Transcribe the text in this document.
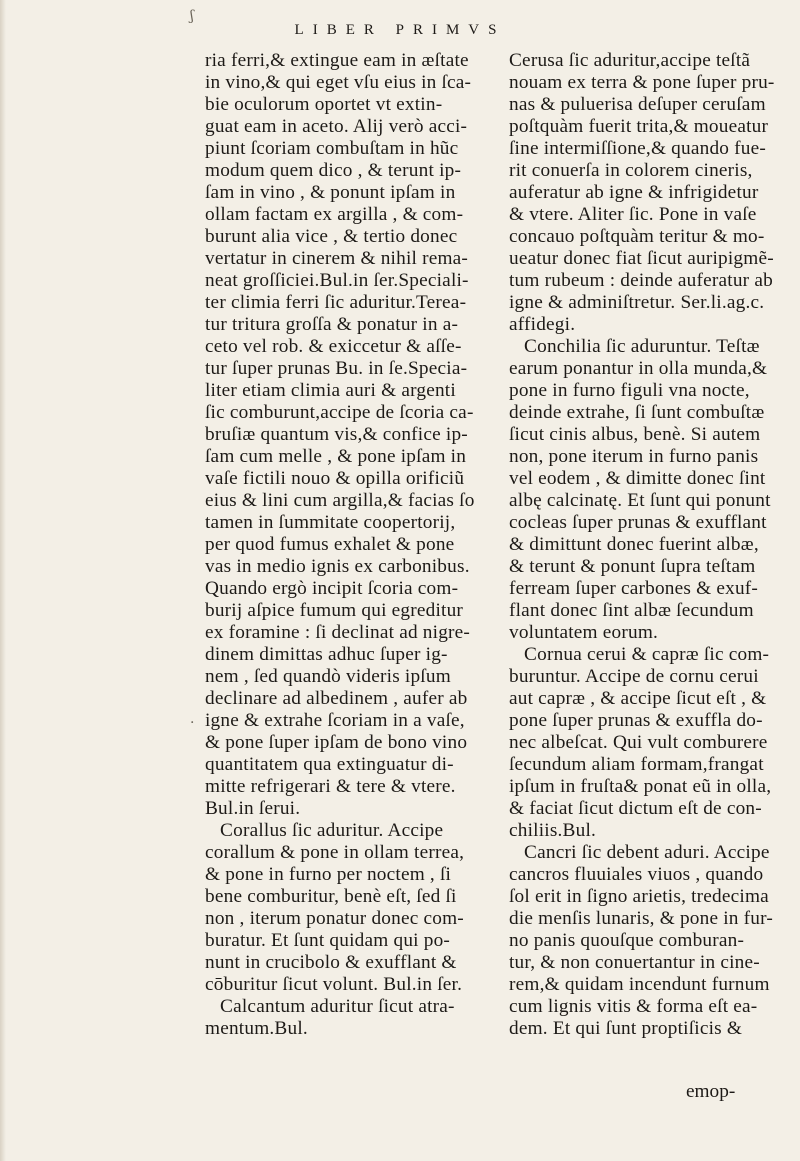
ʃ
·
LIBER PRIMVS
ria ferri,& extingue eam in æſtate
in vino,& qui eget vſu eius in ſca-
bie oculorum oportet vt extin-
guat eam in aceto. Alij verò acci-
piunt ſcoriam combuſtam in hũc
modum quem dico , & terunt ip-
ſam in vino , & ponunt ipſam in
ollam factam ex argilla , & com-
burunt alia vice , & tertio donec
vertatur in cinerem & nihil rema-
neat groſſiciei.Bul.in ſer.Speciali-
ter climia ferri ſic aduritur.Terea-
tur tritura groſſa & ponatur in a-
ceto vel rob. & exiccetur & aſſe-
tur ſuper prunas Bu. in ſe.Specia-
liter etiam climia auri & argenti
ſic comburunt,accipe de ſcoria ca-
bruſiæ quantum vis,& confice ip-
ſam cum melle , & pone ipſam in
vaſe fictili nouo & opilla orificiũ
eius & lini cum argilla,& facias ſo
tamen in ſummitate coopertorij,
per quod fumus exhalet & pone
vas in medio ignis ex carbonibus.
Quando ergò incipit ſcoria com-
burij aſpice fumum qui egreditur
ex foramine : ſi declinat ad nigre-
dinem dimittas adhuc ſuper ig-
nem , ſed quandò videris ipſum
declinare ad albedinem , aufer ab
igne & extrahe ſcoriam in a vaſe,
& pone ſuper ipſam de bono vino
quantitatem qua extinguatur di-
mitte refrigerari & tere & vtere.
Bul.in ſerui.
Corallus ſic aduritur. Accipe
corallum & pone in ollam terrea,
& pone in furno per noctem , ſi
bene comburitur, benè eſt, ſed ſi
non , iterum ponatur donec com-
buratur. Et ſunt quidam qui po-
nunt in crucibolo & exufflant &
cōburitur ſicut volunt. Bul.in ſer.
Calcantum aduritur ſicut atra-
mentum.Bul.
Cerusa ſic aduritur,accipe teſtã
nouam ex terra & pone ſuper pru-
nas & puluerisa deſuper ceruſam
poſtquàm fuerit trita,& moueatur
ſine intermiſſione,& quando fue-
rit conuerſa in colorem cineris,
auferatur ab igne & infrigidetur
& vtere. Aliter ſic. Pone in vaſe
concauo poſtquàm teritur & mo-
ueatur donec fiat ſicut auripigmẽ-
tum rubeum : deinde auferatur ab
igne & adminiſtretur. Ser.li.ag.c.
affidegi.
Conchilia ſic aduruntur. Teſtæ
earum ponantur in olla munda,&
pone in furno figuli vna nocte,
deinde extrahe, ſi ſunt combuſtæ
ſicut cinis albus, benè. Si autem
non, pone iterum in furno panis
vel eodem , & dimitte donec ſint
albę calcinatę. Et ſunt qui ponunt
cocleas ſuper prunas & exufflant
& dimittunt donec fuerint albæ,
& terunt & ponunt ſupra teſtam
ferream ſuper carbones & exuf-
flant donec ſint albæ ſecundum
voluntatem eorum.
Cornua cerui & capræ ſic com-
buruntur. Accipe de cornu cerui
aut capræ , & accipe ſicut eſt , &
pone ſuper prunas & exuffla do-
nec albeſcat. Qui vult comburere
ſecundum aliam formam,frangat
ipſum in fruſta& ponat eũ in olla,
& faciat ſicut dictum eſt de con-
chiliis.Bul.
Cancri ſic debent aduri. Accipe
cancros fluuiales viuos , quando
ſol erit in ſigno arietis, tredecima
die menſis lunaris, & pone in fur-
no panis quouſque comburan-
tur, & non conuertantur in cine-
rem,& quidam incendunt furnum
cum lignis vitis & forma eſt ea-
dem. Et qui ſunt proptiſicis &
emop-
